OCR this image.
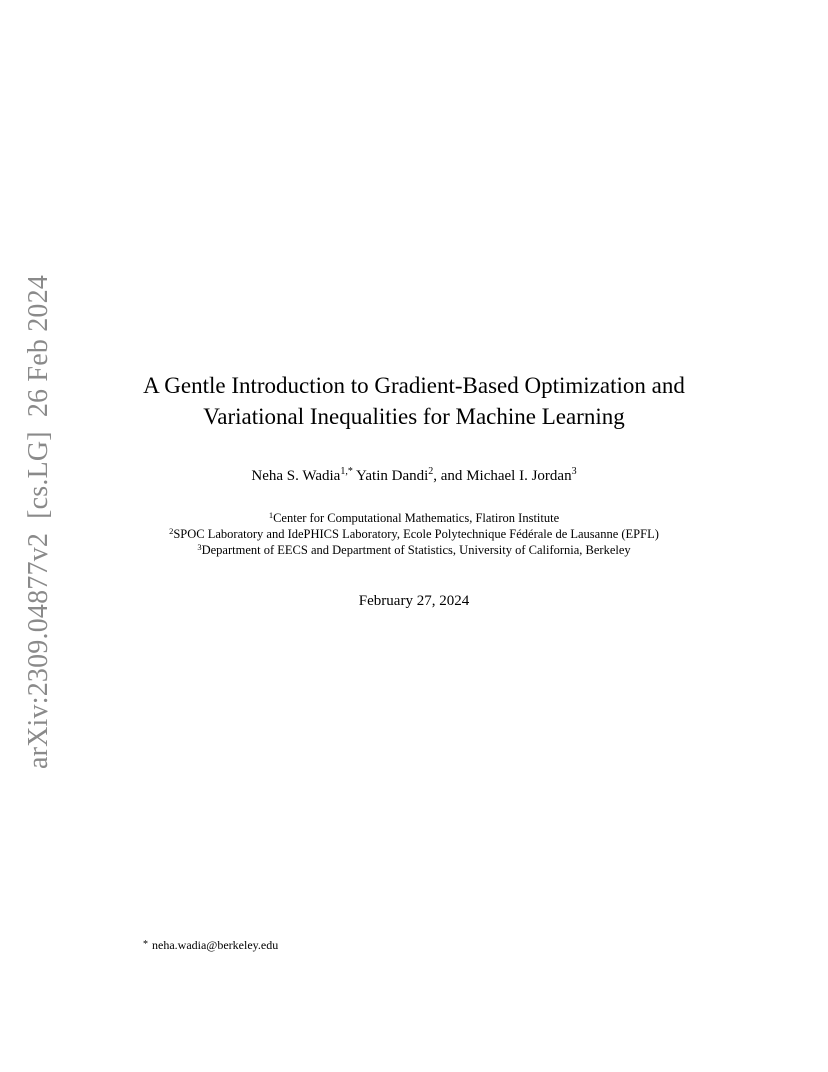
arXiv:2309.04877v2[cs.LG]26 Feb 2024	A Gentle Introduction to Gradient-Based Optimization and
Variational Inequalities for Machine Learning
Neha S. Wadia$^{1,*}$ Yatin Dandi$^2$, and Michael I. Jordan$^3$
$^1$Center for Computational Mathematics, Flatiron Institute
$^2$SPOC Laboratory and IdePHICS Laboratory, Ecole Polytechnique Fédérale de Lausanne (EPFL)
$^3$Department of EECS and Department of Statistics, University of California, Berkeley
February 27, 2024
* neha.wadia@berkeley.edu
